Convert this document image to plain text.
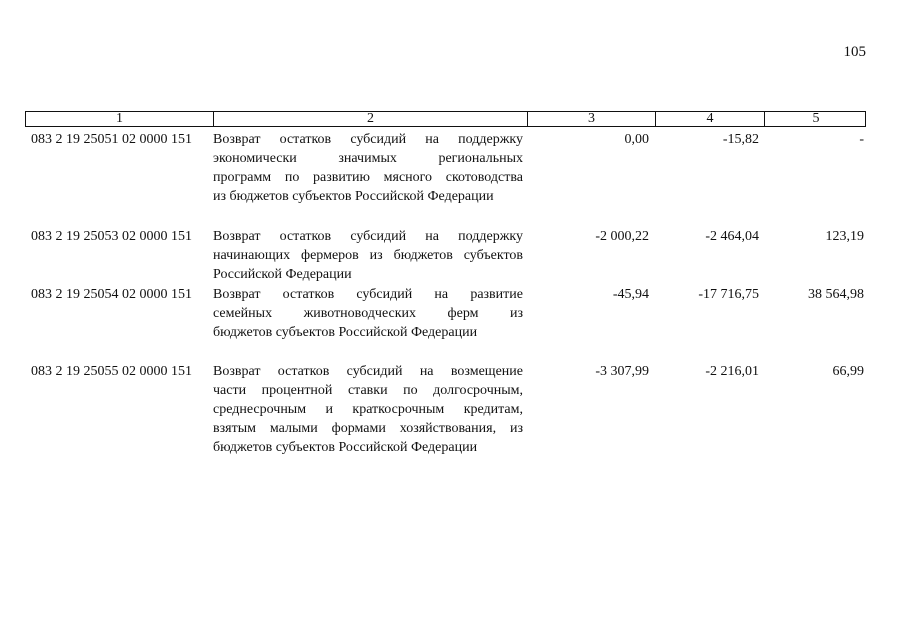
105
1	2	3	4	5
083 2 19 25051 02 0000 151 Возврат остатков субсидий на поддержку
экономически значимых региональных
программ по развитию мясного скотоводства
из бюджетов субъектов Российской Федерации
0,00	-15,82	-
083 2 19 25053 02 0000 151 Возврат остатков субсидий на поддержку
начинающих фермеров из бюджетов субъектов
Российской Федерации
-2 000,22	-2 464,04	123,19
083 2 19 25054 02 0000 151 Возврат остатков субсидий на развитие
семейных животноводческих ферм из
бюджетов субъектов Российской Федерации
-45,94	-17 716,75	38 564,98
083 2 19 25055 02 0000 151 Возврат остатков субсидий на возмещение
части процентной ставки по долгосрочным,
среднесрочным и краткосрочным кредитам,
взятым малыми формами хозяйствования, из
бюджетов субъектов Российской Федерации
-3 307,99	-2 216,01	66,99
